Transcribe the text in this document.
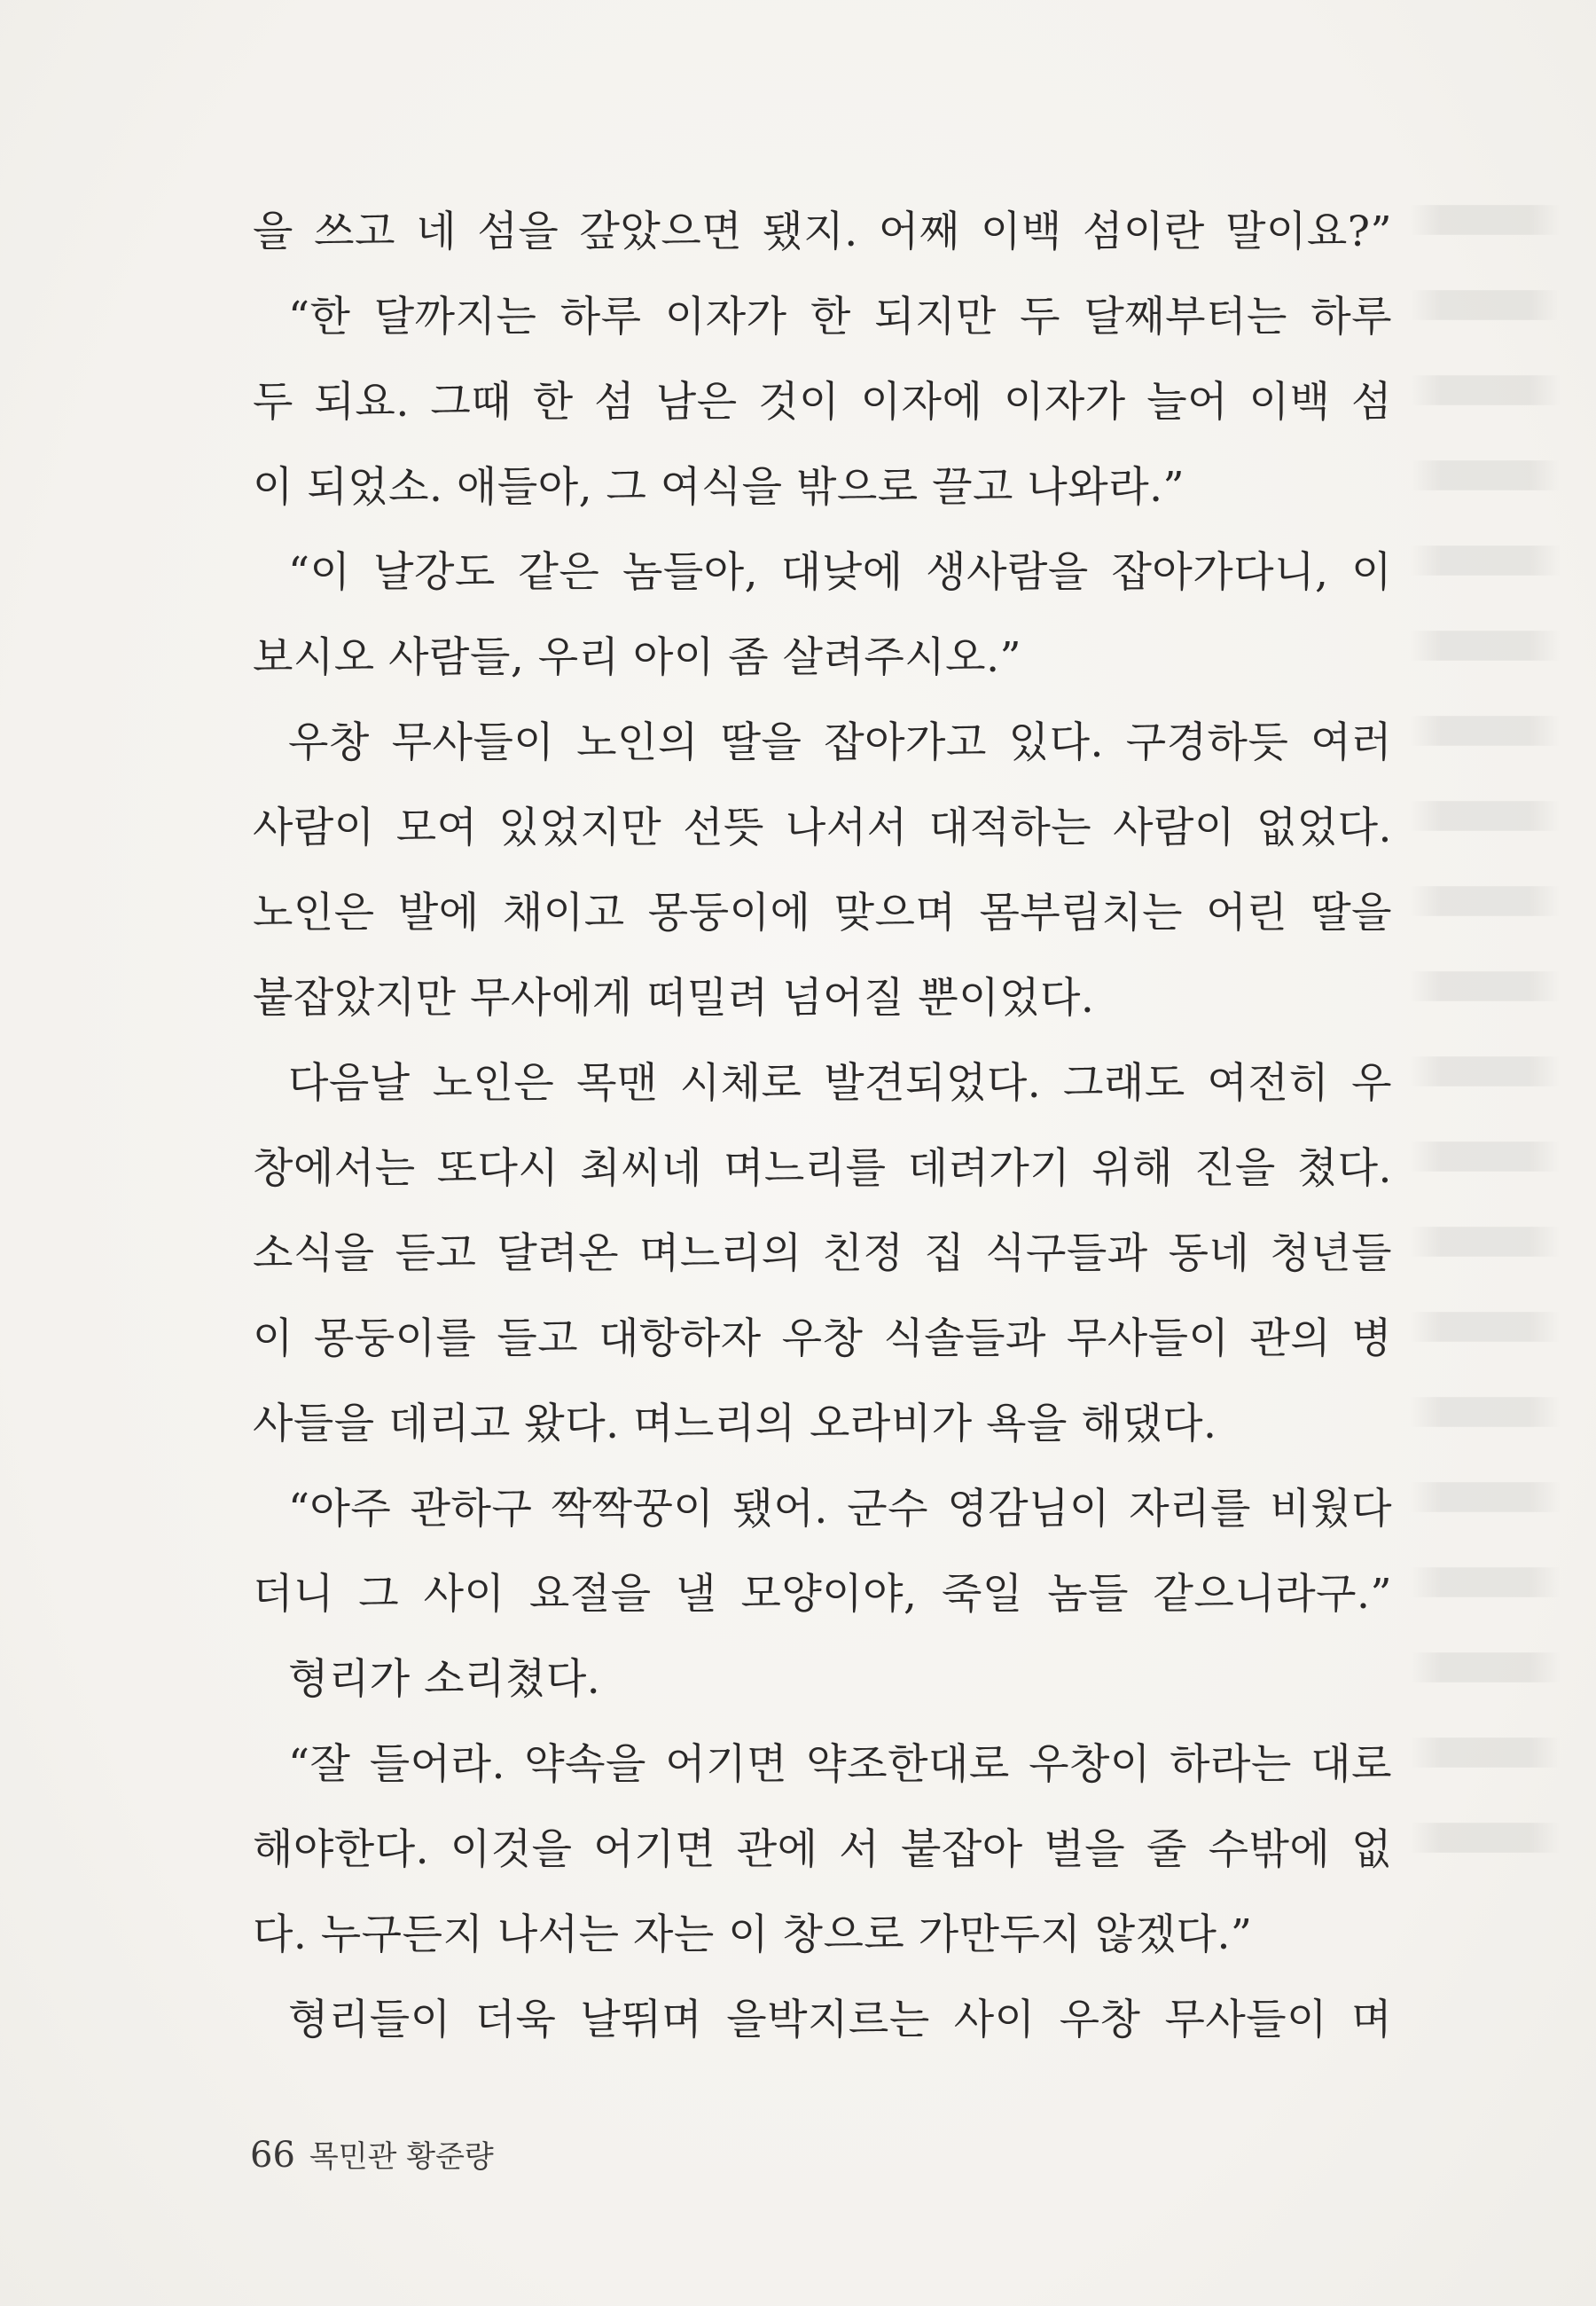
을 쓰고 네 섬을 갚았으면 됐지. 어째 이백 섬이란 말이요?”
“한 달까지는 하루 이자가 한 되지만 두 달째부터는 하루
두 되요. 그때 한 섬 남은 것이 이자에 이자가 늘어 이백 섬
이 되었소. 애들아, 그 여식을 밖으로 끌고 나와라.”
“이 날강도 같은 놈들아, 대낮에 생사람을 잡아가다니, 이
보시오 사람들, 우리 아이 좀 살려주시오.”
우창 무사들이 노인의 딸을 잡아가고 있다. 구경하듯 여러
사람이 모여 있었지만 선뜻 나서서 대적하는 사람이 없었다.
노인은 발에 채이고 몽둥이에 맞으며 몸부림치는 어린 딸을
붙잡았지만 무사에게 떠밀려 넘어질 뿐이었다.
다음날 노인은 목맨 시체로 발견되었다. 그래도 여전히 우
창에서는 또다시 최씨네 며느리를 데려가기 위해 진을 쳤다.
소식을 듣고 달려온 며느리의 친정 집 식구들과 동네 청년들
이 몽둥이를 들고 대항하자 우창 식솔들과 무사들이 관의 병
사들을 데리고 왔다. 며느리의 오라비가 욕을 해댔다.
“아주 관하구 짝짝꿍이 됐어. 군수 영감님이 자리를 비웠다
더니 그 사이 요절을 낼 모양이야, 죽일 놈들 같으니라구.”
형리가 소리쳤다.
“잘 들어라. 약속을 어기면 약조한대로 우창이 하라는 대로
해야한다. 이것을 어기면 관에 서 붙잡아 벌을 줄 수밖에 없
다. 누구든지 나서는 자는 이 창으로 가만두지 않겠다.”
형리들이 더욱 날뛰며 을박지르는 사이 우창 무사들이 며
66 목민관 황준량
